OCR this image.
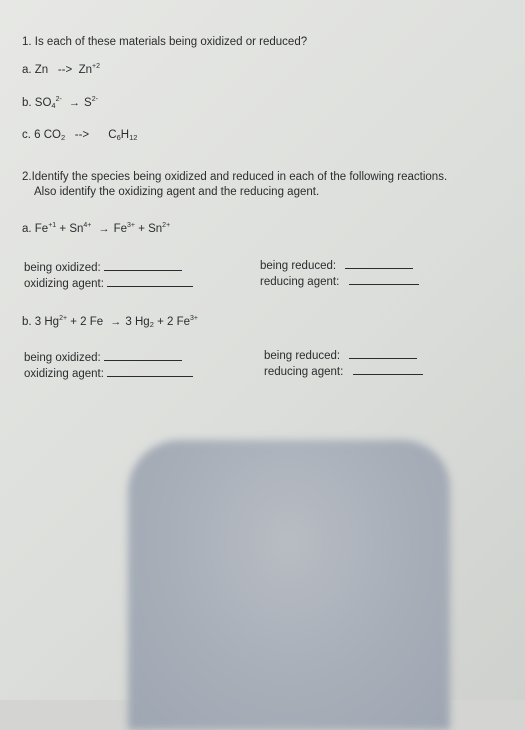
1. Is each of these materials being oxidized or reduced?
a. Zn --> $Zn^{+2}$
b. $SO_4^{2-} \to S^{2-}$
c. 6 $CO_2$ --> $C_6H_{12}$
2.Identify the species being oxidized and reduced in each of the following reactions.
Also identify the oxidizing agent and the reducing agent.
a. $Fe^{+1} + Sn^{4+} \to Fe^{3+} + Sn^{2+}$
being oxidized:
oxidizing agent:
being reduced:
reducing agent:
b. 3 $Hg^{2+} + 2$ Fe → 3 $Hg_2 + 2$ $Fe^{3+}$
being oxidized:
oxidizing agent:
being reduced:
reducing agent:
